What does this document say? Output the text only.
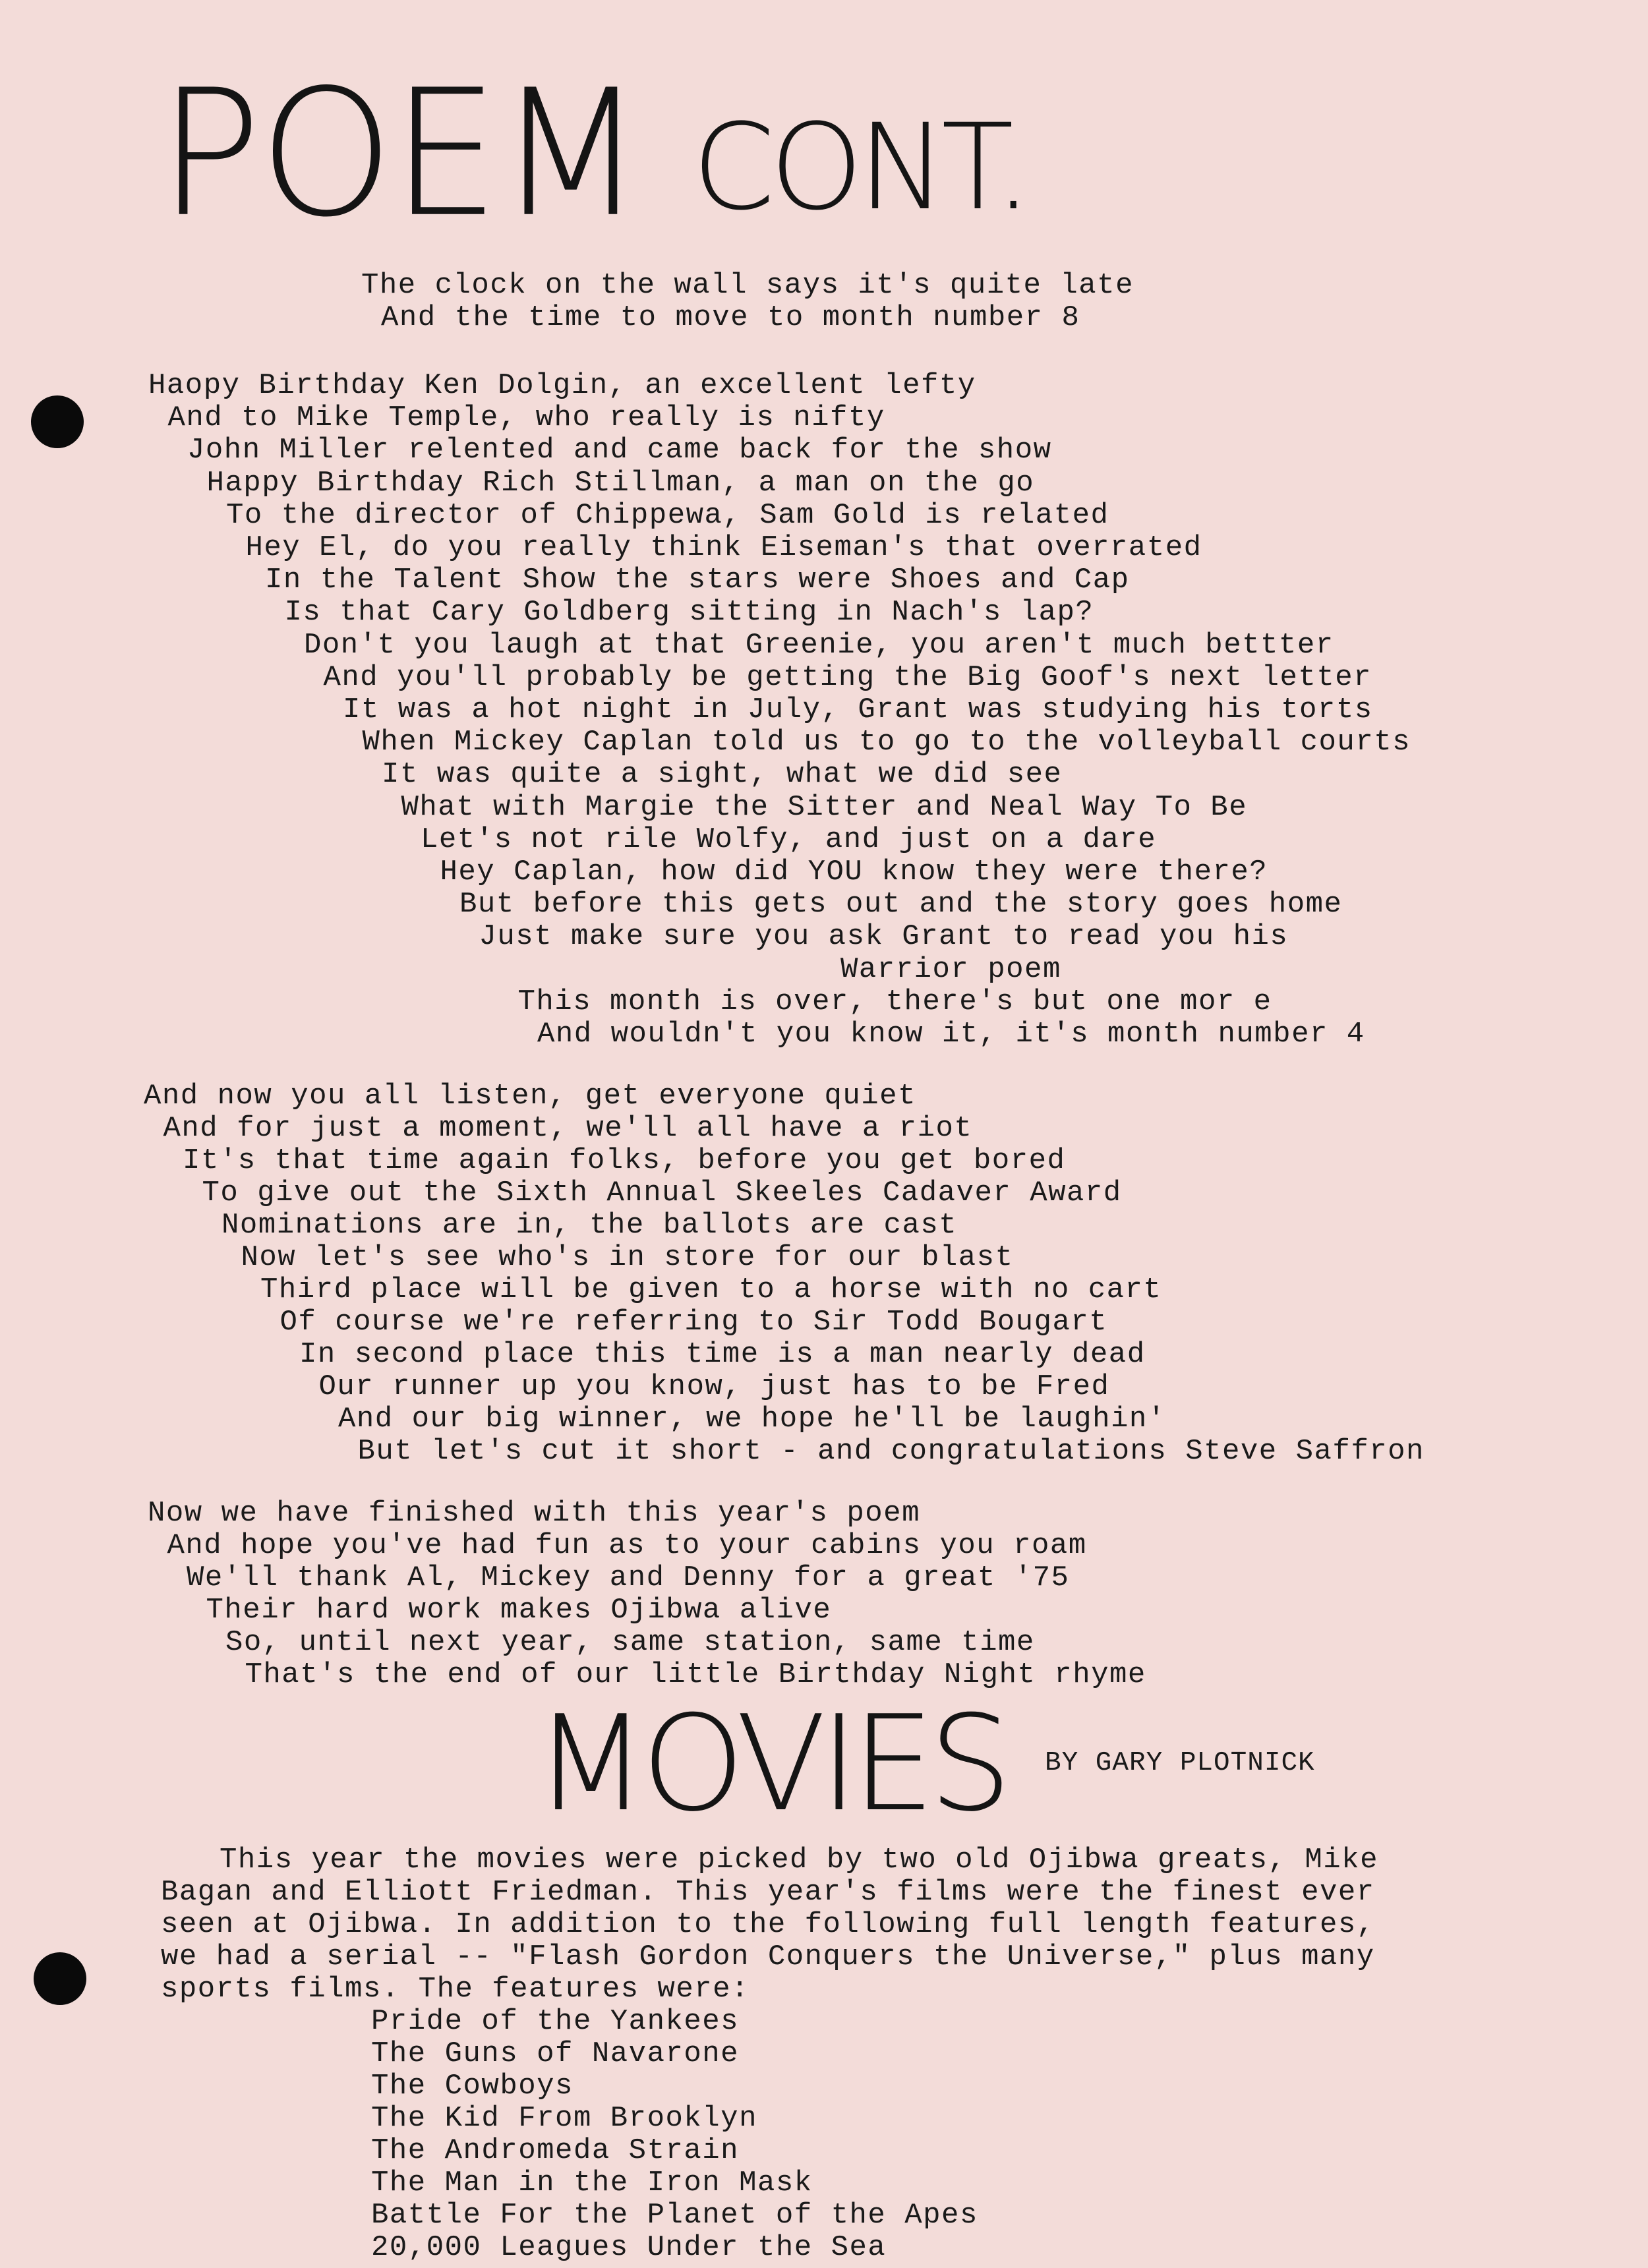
POEM CONT.
The clock on the wall says it's quite late
And the time to move to month number 8
Haopy Birthday Ken Dolgin, an excellent lefty
And to Mike Temple, who really is nifty
John Miller relented and came back for the show
Happy Birthday Rich Stillman, a man on the go
To the director of Chippewa, Sam Gold is related
Hey El, do you really think Eiseman's that overrated
In the Talent Show the stars were Shoes and Cap
Is that Cary Goldberg sitting in Nach's lap?
Don't you laugh at that Greenie, you aren't much bettter
And you'll probably be getting the Big Goof's next letter
It was a hot night in July, Grant was studying his torts
When Mickey Caplan told us to go to the volleyball courts
It was quite a sight, what we did see
What with Margie the Sitter and Neal Way To Be
Let's not rile Wolfy, and just on a dare
Hey Caplan, how did YOU know they were there?
But before this gets out and the story goes home
Just make sure you ask Grant to read you his
Warrior poem
This month is over, there's but one mor e
And wouldn't you know it, it's month number 4
And now you all listen, get everyone quiet
And for just a moment, we'll all have a riot
It's that time again folks, before you get bored
To give out the Sixth Annual Skeeles Cadaver Award
Nominations are in, the ballots are cast
Now let's see who's in store for our blast
Third place will be given to a horse with no cart
Of course we're referring to Sir Todd Bougart
In second place this time is a man nearly dead
Our runner up you know, just has to be Fred
And our big winner, we hope he'll be laughin'
But let's cut it short - and congratulations Steve Saffron
Now we have finished with this year's poem
And hope you've had fun as to your cabins you roam
We'll thank Al, Mickey and Denny for a great '75
Their hard work makes Ojibwa alive
So, until next year, same station, same time
That's the end of our little Birthday Night rhyme
MOVIES BY GARY PLOTNICK
This year the movies were picked by two old Ojibwa greats, Mike
Bagan and Elliott Friedman. This year's films were the finest ever
seen at Ojibwa. In addition to the following full length features,
we had a serial -- "Flash Gordon Conquers the Universe," plus many
sports films. The features were:
Pride of the Yankees
The Guns of Navarone
The Cowboys
The Kid From Brooklyn
The Andromeda Strain
The Man in the Iron Mask
Battle For the Planet of the Apes
20,000 Leagues Under the Sea
